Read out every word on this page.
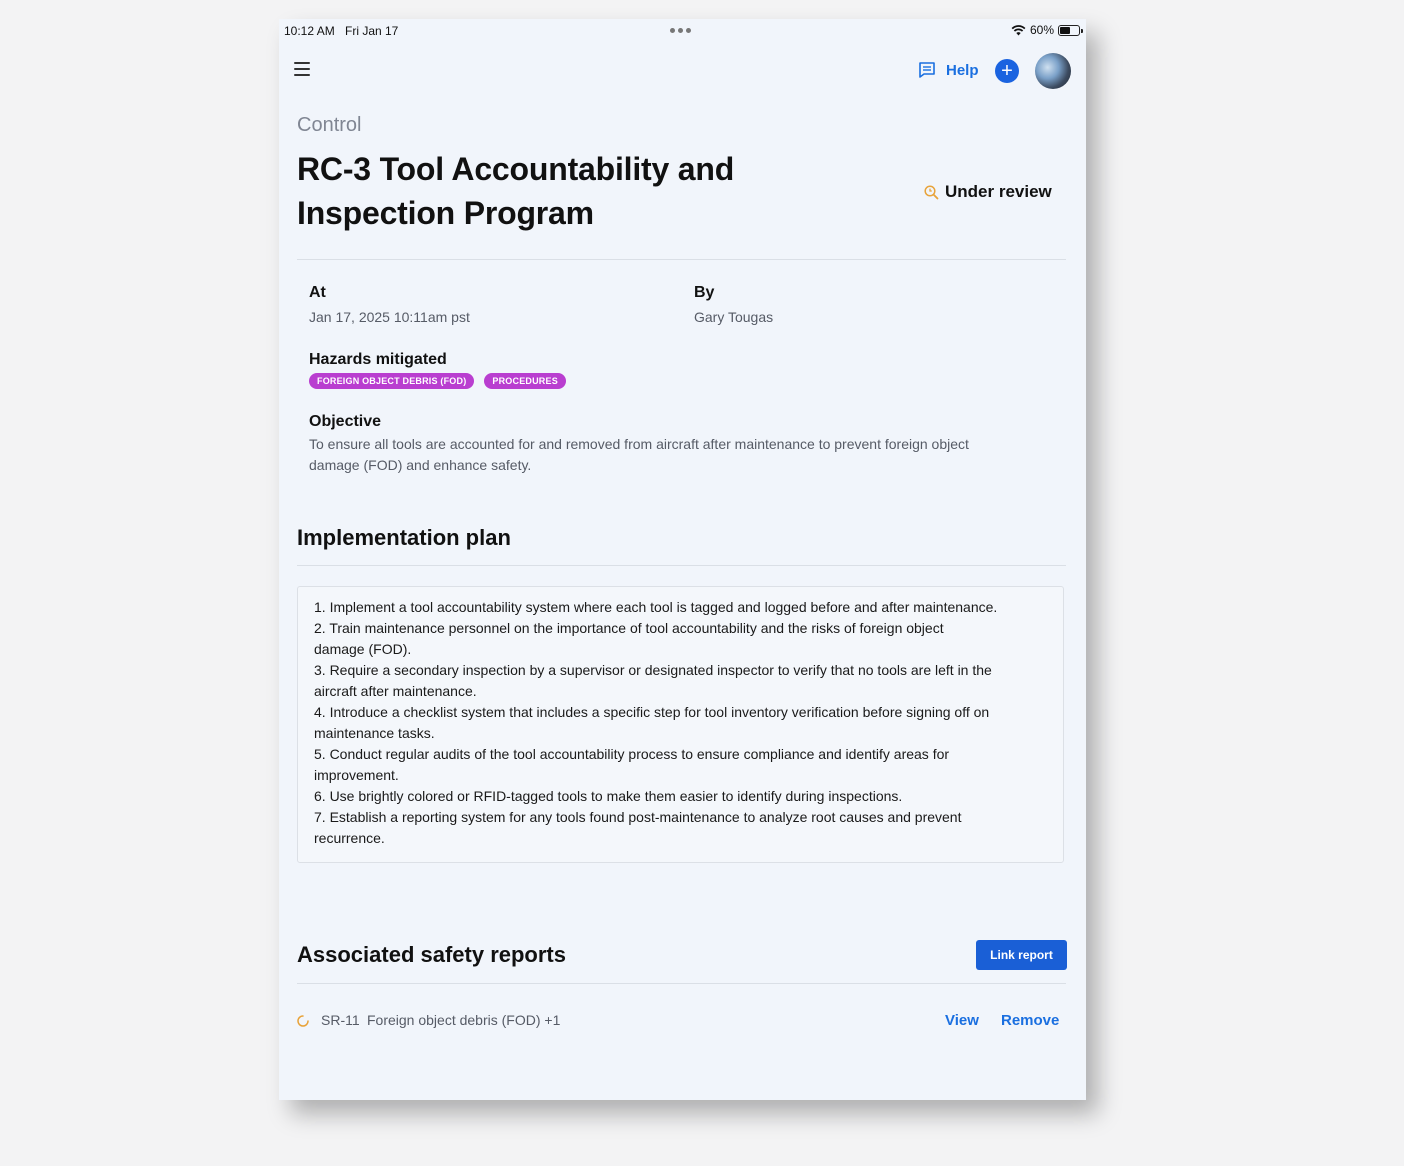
10:12 AM Fri Jan 17	60%
Help +
Control
RC-3 Tool Accountability and
Inspection Program
Under review
At
Jan 17, 2025 10:11am pst
By
Gary Tougas
Hazards mitigated
FOREIGN OBJECT DEBRIS (FOD)	PROCEDURES
Objective
To ensure all tools are accounted for and removed from aircraft after maintenance to prevent foreign object
damage (FOD) and enhance safety.
Implementation plan
1. Implement a tool accountability system where each tool is tagged and logged before and after maintenance.
2. Train maintenance personnel on the importance of tool accountability and the risks of foreign object
damage (FOD).
3. Require a secondary inspection by a supervisor or designated inspector to verify that no tools are left in the
aircraft after maintenance.
4. Introduce a checklist system that includes a specific step for tool inventory verification before signing off on
maintenance tasks.
5. Conduct regular audits of the tool accountability process to ensure compliance and identify areas for
improvement.
6. Use brightly colored or RFID-tagged tools to make them easier to identify during inspections.
7. Establish a reporting system for any tools found post-maintenance to analyze root causes and prevent
recurrence.
Associated safety reports	Link report
SR-11 Foreign object debris (FOD) +1	View Remove
